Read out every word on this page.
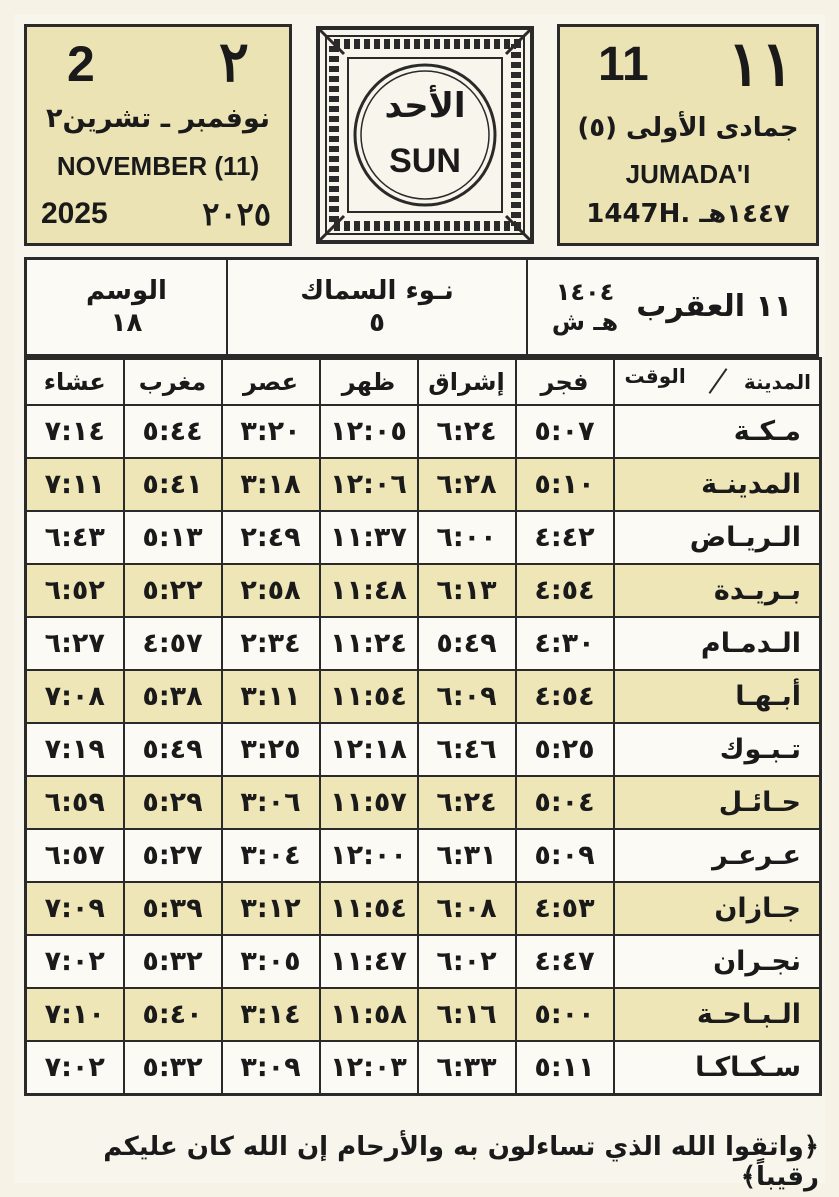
2 ٢
نوفمبر ـ تشرين٢
NOVEMBER (11)
2025	٢٠٢٥
الأحد
SUN
11 ١١
جمادى الأولى (٥)
JUMADA'I
1447H. ١٤٤٧هـ
١١ العقرب
١٤٠٤
هـ ش
نـوء السماك
٥
الوسم
١٨
المدينة
الوقت	فجر	إشراق	ظهر	عصر	مغرب	عشاء
مـكـة	٥:٠٧	٦:٢٤	١٢:٠٥	٣:٢٠	٥:٤٤	٧:١٤
المدينـة	٥:١٠	٦:٢٨	١٢:٠٦	٣:١٨	٥:٤١	٧:١١
الـريـاض	٤:٤٢	٦:٠٠	١١:٣٧	٢:٤٩	٥:١٣	٦:٤٣
بـريـدة	٤:٥٤	٦:١٣	١١:٤٨	٢:٥٨	٥:٢٢	٦:٥٢
الـدمـام	٤:٣٠	٥:٤٩	١١:٢٤	٢:٣٤	٤:٥٧	٦:٢٧
أبـهـا	٤:٥٤	٦:٠٩	١١:٥٤	٣:١١	٥:٣٨	٧:٠٨
تـبـوك	٥:٢٥	٦:٤٦	١٢:١٨	٣:٢٥	٥:٤٩	٧:١٩
حـائـل	٥:٠٤	٦:٢٤	١١:٥٧	٣:٠٦	٥:٢٩	٦:٥٩
عـرعـر	٥:٠٩	٦:٣١	١٢:٠٠	٣:٠٤	٥:٢٧	٦:٥٧
جـازان	٤:٥٣	٦:٠٨	١١:٥٤	٣:١٢	٥:٣٩	٧:٠٩
نجـران	٤:٤٧	٦:٠٢	١١:٤٧	٣:٠٥	٥:٣٢	٧:٠٢
الـبـاحـة	٥:٠٠	٦:١٦	١١:٥٨	٣:١٤	٥:٤٠	٧:١٠
سـكـاكـا	٥:١١	٦:٣٣	١٢:٠٣	٣:٠٩	٥:٣٢	٧:٠٢
﴿واتقوا الله الذي تساءلون به والأرحام إن الله كان عليكم رقيباً﴾
